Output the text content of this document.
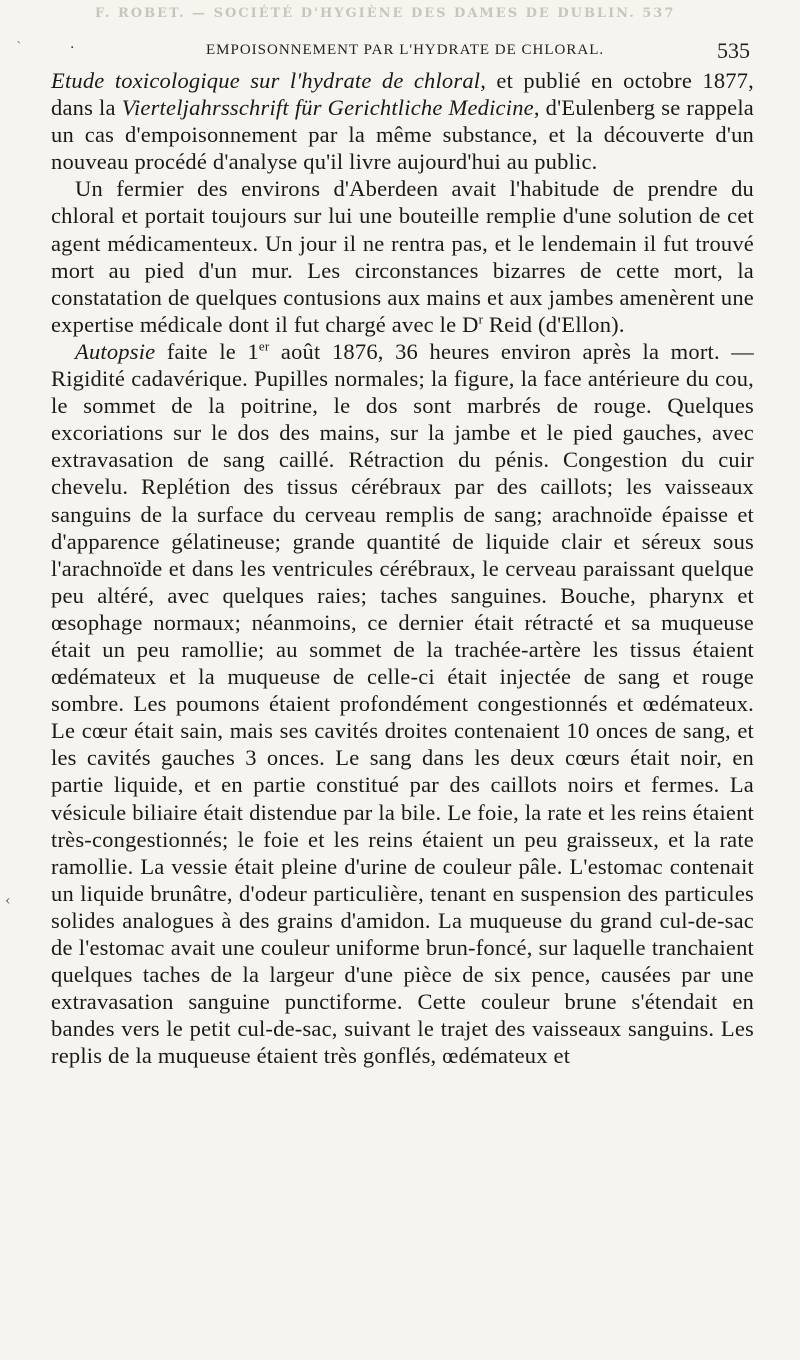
F. ROBET. — SOCIÉTÉ D'HYGIÈNE DES DAMES DE DUBLIN. 537
`	·	EMPOISONNEMENT PAR L'HYDRATE DE CHLORAL.	535

Etude toxicologique sur l'hydrate de chloral, et publié en octobre 1877, dans la Vierteljahrsschrift für Gerichtliche Medicine, d'Eulenberg se rappela un cas d'empoisonnement par la même substance, et la découverte d'un nouveau procédé d'analyse qu'il livre aujourd'hui au public.

Un fermier des environs d'Aberdeen avait l'habitude de prendre du chloral et portait toujours sur lui une bouteille remplie d'une solution de cet agent médicamenteux. Un jour il ne rentra pas, et le lendemain il fut trouvé mort au pied d'un mur. Les circonstances bizarres de cette mort, la constatation de quelques contusions aux mains et aux jambes amenèrent une expertise médicale dont il fut chargé avec le $D^r$ Reid (d'Ellon).

Autopsie faite le 1er août 1876, 36 heures environ après la mort. — Rigidité cadavérique. Pupilles normales; la figure, la face antérieure du cou, le sommet de la poitrine, le dos sont marbrés de rouge. Quelques excoriations sur le dos des mains, sur la jambe et le pied gauches, avec extravasation de sang caillé. Rétraction du pénis. Congestion du cuir chevelu. Replétion des tissus cérébraux par des caillots; les vaisseaux sanguins de la surface du cerveau remplis de sang; arachnoïde épaisse et d'apparence gélatineuse; grande quantité de liquide clair et séreux sous l'arachnoïde et dans les ventricules cérébraux, le cerveau paraissant quelque peu altéré, avec quelques raies; taches sanguines. Bouche, pharynx et œsophage normaux; néanmoins, ce dernier était rétracté et sa muqueuse était un peu ramollie; au sommet de la trachée-artère les tissus étaient œdémateux et la muqueuse de celle-ci était injectée de sang et rouge sombre. Les poumons étaient profondément congestionnés et œdémateux. Le cœur était sain, mais ses cavités droites contenaient 10 onces de sang, et les cavités gauches 3 onces. Le sang dans les deux cœurs était noir, en partie liquide, et en partie constitué par des caillots noirs et fermes. La vésicule biliaire était distendue par la bile. Le foie, la rate et les reins étaient très-congestionnés; le foie et les reins étaient un peu graisseux, et la rate ramollie. La vessie était pleine d'urine de couleur pâle. L'estomac contenait un liquide brunâtre, d'odeur particulière, tenant en suspension des particules solides analogues à des grains d'amidon. La muqueuse du grand cul-de-sac de l'estomac avait une couleur uniforme brun-foncé, sur laquelle tranchaient quelques taches de la largeur d'une pièce de six pence, causées par une extravasation sanguine punctiforme. Cette couleur brune s'étendait en bandes vers le petit cul-de-sac, suivant le trajet des vaisseaux sanguins. Les replis de la muqueuse étaient très gonflés, œdémateux et

‹
